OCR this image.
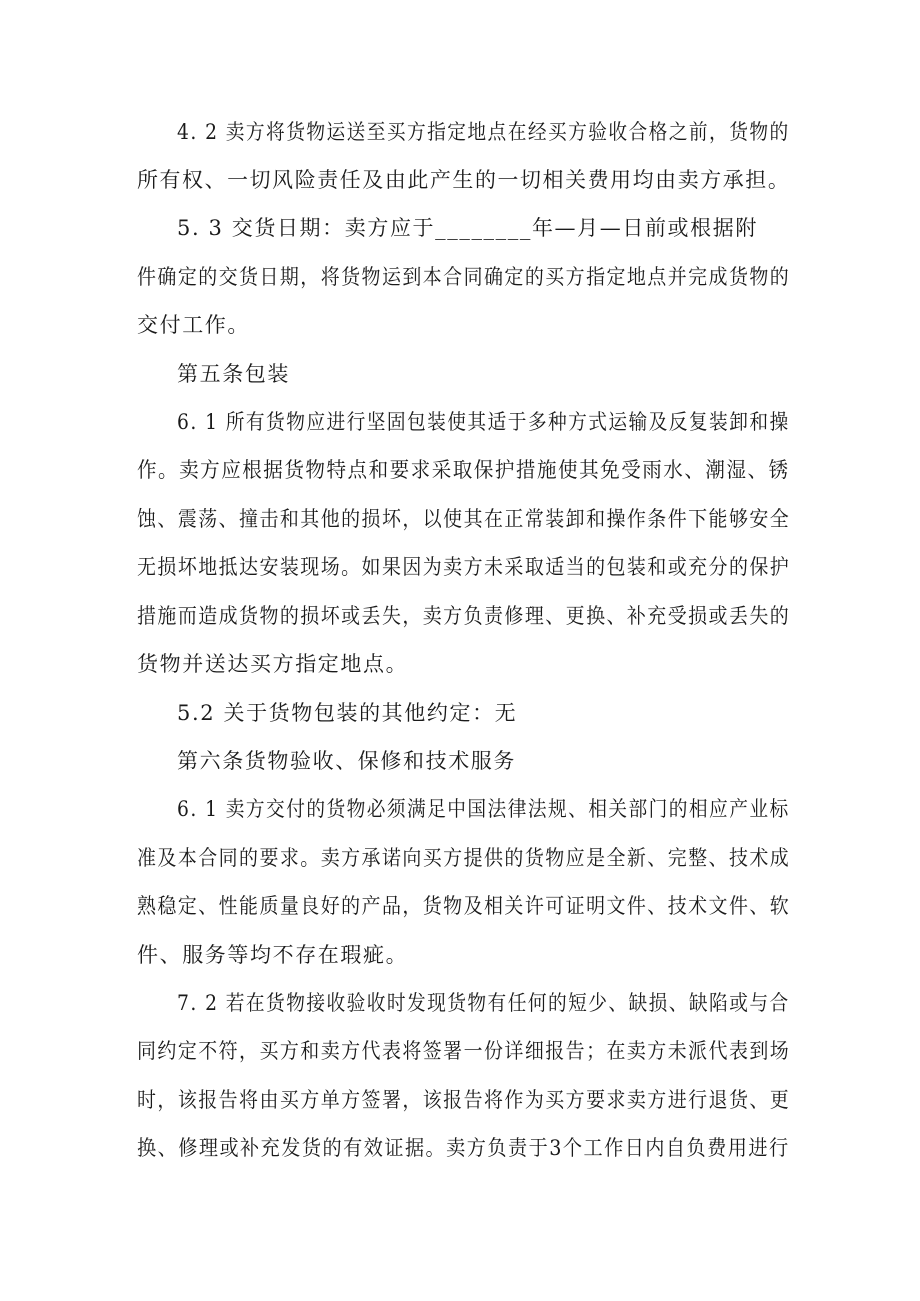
4. 2 卖方将货物运送至买方指定地点在经买方验收合格之前，货物的
所有权、一切风险责任及由此产生的一切相关费用均由卖方承担。
5. 3 交货日期：卖方应于________年—月—日前或根据附
件确定的交货日期，将货物运到本合同确定的买方指定地点并完成货物的
交付工作。
第五条包装
6. 1 所有货物应进行坚固包装使其适于多种方式运输及反复装卸和操
作。卖方应根据货物特点和要求采取保护措施使其免受雨水、潮湿、锈
蚀、震荡、撞击和其他的损坏，以使其在正常装卸和操作条件下能够安全
无损坏地抵达安装现场。如果因为卖方未采取适当的包装和或充分的保护
措施而造成货物的损坏或丢失，卖方负责修理、更换、补充受损或丢失的
货物并送达买方指定地点。
5.2 关于货物包装的其他约定：无
第六条货物验收、保修和技术服务
6. 1 卖方交付的货物必须满足中国法律法规、相关部门的相应产业标
准及本合同的要求。卖方承诺向买方提供的货物应是全新、完整、技术成
熟稳定、性能质量良好的产品，货物及相关许可证明文件、技术文件、软
件、服务等均不存在瑕疵。
7. 2 若在货物接收验收时发现货物有任何的短少、缺损、缺陷或与合
同约定不符，买方和卖方代表将签署一份详细报告；在卖方未派代表到场
时，该报告将由买方单方签署，该报告将作为买方要求卖方进行退货、更
换、修理或补充发货的有效证据。卖方负责于3个工作日内自负费用进行
